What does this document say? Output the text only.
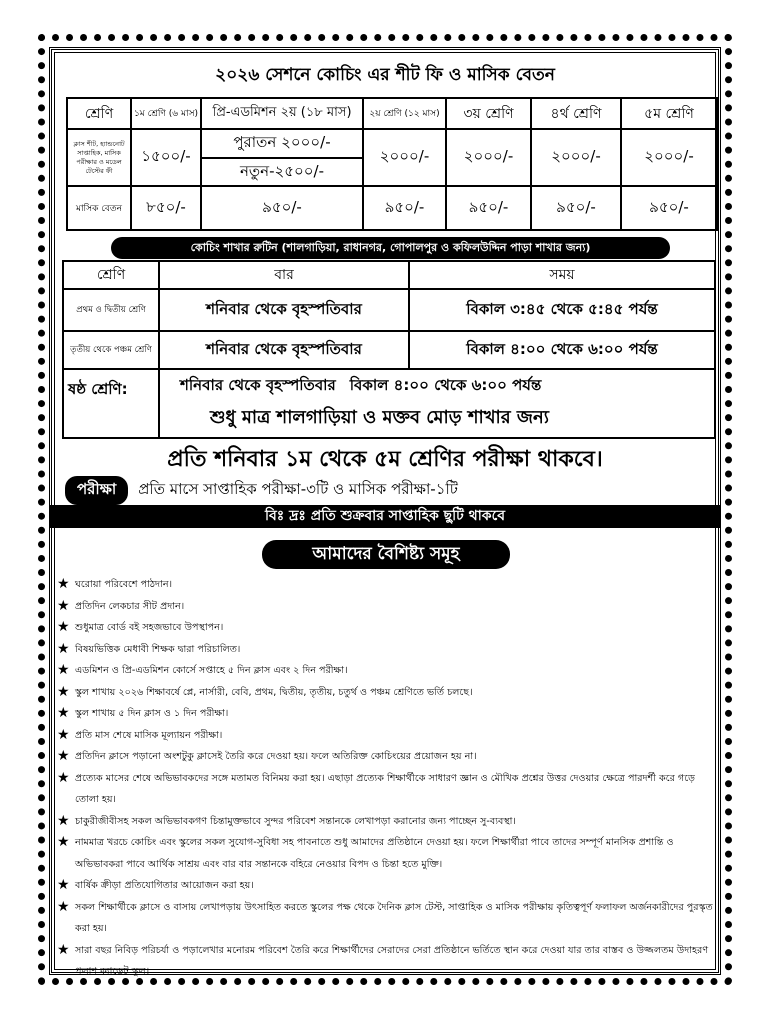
২০২৬ সেশনে কোচিং এর শীট ফি ও মাসিক বেতন
শ্রেণি	১ম শ্রেণি (৬ মাস)	প্রি-এডমিশন ২য় (১৮ মাস)	২য় শ্রেণি (১২ মাস)	৩য় শ্রেণি	৪র্থ শ্রেণি	৫ম শ্রেণি
ক্লাস শীট, হ্যান্ডনোট সাপ্তাহিক, মাসিক পরীক্ষার ও মডেল টেস্টের ফী	১৫০০/-	পুরাতন ২০০০/-	২০০০/-	২০০০/-	২০০০/-	২০০০/-
		নতুন-২৫০০/-				
মাসিক বেতন	৮৫০/-	৯৫০/-	৯৫০/-	৯৫০/-	৯৫০/-	৯৫০/-
কোচিং শাখার রুটিন (শালগাড়িয়া, রাধানগর, গোপালপুর ও কফিলউদ্দিন পাড়া শাখার জন্য)
শ্রেণি	বার	সময়
প্রথম ও দ্বিতীয় শ্রেণি	শনিবার থেকে বৃহস্পতিবার	বিকাল ৩:৪৫ থেকে ৫:৪৫ পর্যন্ত
তৃতীয় থেকে পঞ্চম শ্রেণি	শনিবার থেকে বৃহস্পতিবার	বিকাল ৪:০০ থেকে ৬:০০ পর্যন্ত
ষষ্ঠ শ্রেণি:	শনিবার থেকে বৃহস্পতিবার বিকাল ৪:০০ থেকে ৬:০০ পর্যন্ত
শুধু মাত্র শালগাড়িয়া ও মক্তব মোড় শাখার জন্য	
প্রতি শনিবার ১ম থেকে ৫ম শ্রেণির পরীক্ষা থাকবে।
পরীক্ষা	প্রতি মাসে সাপ্তাহিক পরীক্ষা-৩টি ও মাসিক পরীক্ষা-১টি
বিঃ দ্রঃ প্রতি শুক্রবার সাপ্তাহিক ছুটি থাকবে
আমাদের বৈশিষ্ট্য সমূহ
★ ঘরোয়া পরিবেশে পাঠদান।
★ প্রতিদিন লেকচার সীট প্রদান।
★ শুধুমাত্র বোর্ড বই সহজভাবে উপস্থাপন।
★ বিষয়ভিত্তিক মেধাবী শিক্ষক দ্বারা পরিচালিত।
★ এডমিশন ও প্রি-এডমিশন কোর্সে সপ্তাহে ৫ দিন ক্লাস এবং ২ দিন পরীক্ষা।
★ স্কুল শাখায় ২০২৬ শিক্ষাবর্ষে প্লে, নার্সারী, বেবি, প্রথম, দ্বিতীয়, তৃতীয়, চতুর্থ ও পঞ্চম শ্রেণিতে ভর্তি চলছে।
★ স্কুল শাখায় ৫ দিন ক্লাস ও ১ দিন পরীক্ষা।
★ প্রতি মাস শেষে মাসিক মূল্যায়ন পরীক্ষা।
★ প্রতিদিন ক্লাসে পড়ানো অংশটুকু ক্লাসেই তৈরি করে দেওয়া হয়। ফলে অতিরিক্ত কোচিংয়ের প্রয়োজন হয় না।
★ প্রত্যেক মাসের শেষে অভিভাবকদের সঙ্গে মতামত বিনিময় করা হয়। এছাড়া প্রত্যেক শিক্ষার্থীকে সাধারণ জ্ঞান ও মৌখিক প্রশ্নের উত্তর দেওয়ার ক্ষেত্রে পারদর্শী করে গড়ে তোলা হয়।
★ চাকুরীজীবীসহ সকল অভিভাবকগণ চিন্তামুক্তভাবে সুন্দর পরিবেশ সন্তানকে লেখাপড়া করানোর জন্য পাচ্ছেন সু-ব্যবস্থা।
★ নামমাত্র খরচে কোচিং এবং স্কুলের সকল সুযোগ-সুবিধা সহ পাবনাতে শুধু আমাদের প্রতিষ্ঠানে দেওয়া হয়। ফলে শিক্ষার্থীরা পাবে তাদের সম্পূর্ণ মানসিক প্রশান্তি ও অভিভাবকরা পাবে আর্থিক সাশ্রয় এবং বার বার সন্তানকে বহিরে নেওয়ার বিপদ ও চিন্তা হতে মুক্তি।
★ বার্ষিক ক্রীড়া প্রতিযোগিতার আয়োজন করা হয়।
★ সকল শিক্ষার্থীকে ক্লাসে ও বাসায় লেখাপড়ায় উৎসাহিত করতে স্কুলের পক্ষ থেকে দৈনিক ক্লাস টেস্ট, সাপ্তাহিক ও মাসিক পরীক্ষায় কৃতিত্বপূর্ণ ফলাফল অর্জনকারীদের পুরস্কৃত করা হয়।
★ সারা বছর নিবিড় পরিচর্যা ও পড়ালেখার মনোরম পরিবেশ তৈরি করে শিক্ষার্থীদের সেরাদের সেরা প্রতিষ্ঠানে ভর্তিতে স্থান করে দেওয়া যার তার বাস্তব ও উজ্জলতম উদাহরণ পলাশ ক্যাডেট স্কুল।
